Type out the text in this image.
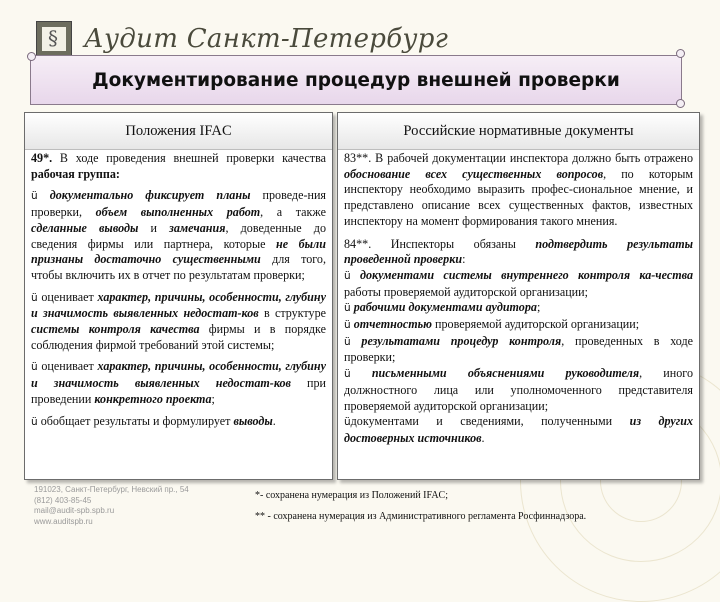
§ Аудит Санкт-Петербург
Документирование процедур внешней проверки
Положения IFAC

49*. В ходе проведения внешней проверки качества рабочая группа:

ü документально фиксирует планы проведе-ния проверки, объем выполненных работ, а также сделанные выводы и замечания, доведенные до сведения фирмы или партнера, которые не были признаны достаточно существенными для того, чтобы включить их в отчет по результатам проверки;

ü оценивает характер, причины, особенности, глубину и значимость выявленных недостат-ков в структуре системы контроля качества фирмы и в порядке соблюдения фирмой требований этой системы;

ü оценивает характер, причины, особенности, глубину и значимость выявленных недостат-ков при проведении конкретного проекта;

ü обобщает результаты и формулирует выводы.

Российские нормативные документы

83**. В рабочей документации инспектора должно быть отражено обоснование всех существенных вопросов, по которым инспектору необходимо выразить профес-сиональное мнение, и представлено описание всех существенных фактов, известных инспектору на момент формирования такого мнения.

84**. Инспекторы обязаны подтвердить результаты проведенной проверки:
ü документами системы внутреннего контроля ка-чества работы проверяемой аудиторской организации;
ü рабочими документами аудитора;
ü отчетностью проверяемой аудиторской организации;
ü результатами процедур контроля, проведенных в ходе проверки;
ü письменными объяснениями руководителя, иного должностного лица или уполномоченного представителя проверяемой аудиторской организации;
üдокументами и сведениями, полученными из других достоверных источников.
191023, Санкт-Петербург, Невский пр., 54
(812) 403-85-45
mail@audit-spb.spb.ru
www.auditspb.ru
*- сохранена нумерация из Положений IFAC;
** - сохранена нумерация из Административного регламента Росфиннадзора.
